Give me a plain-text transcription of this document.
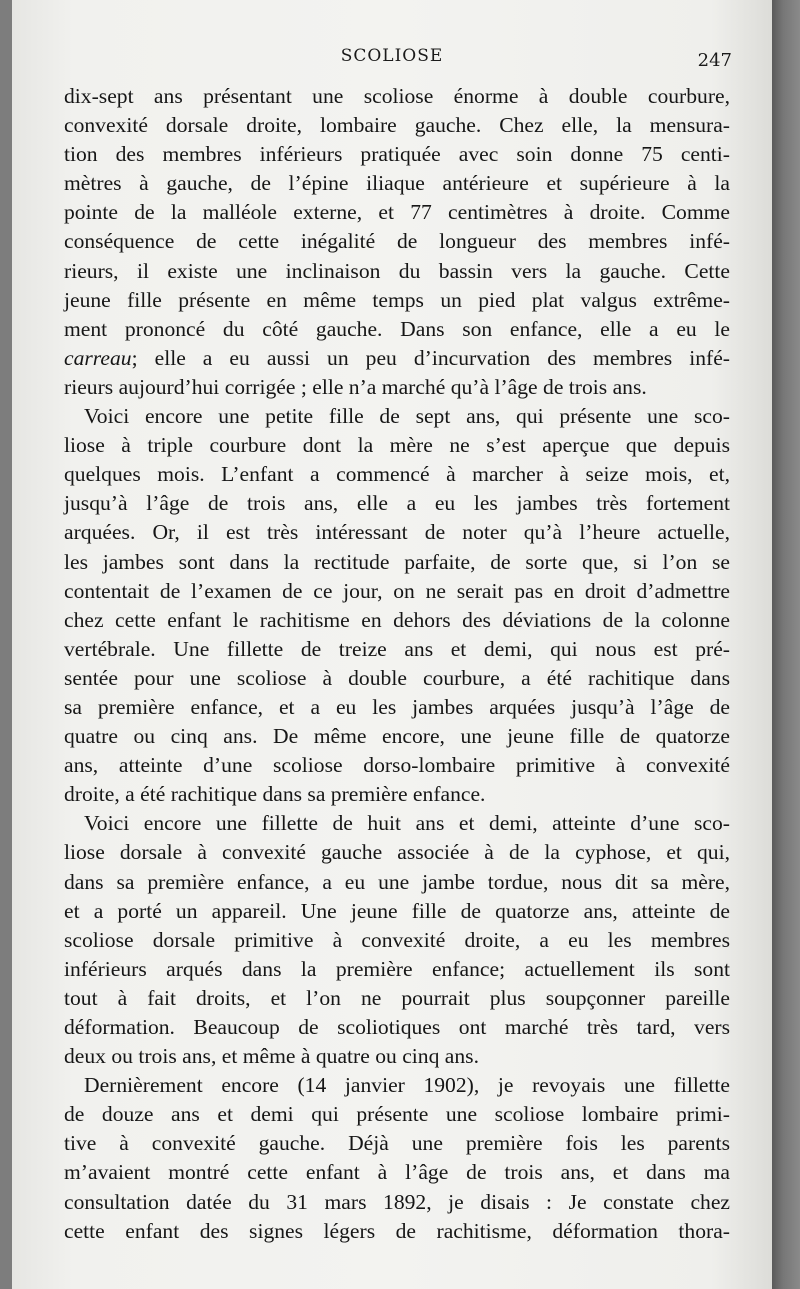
SCOLIOSE	247
dix-sept ans présentant une scoliose énorme à double courbure,
convexité dorsale droite, lombaire gauche. Chez elle, la mensura-
tion des membres inférieurs pratiquée avec soin donne 75 centi-
mètres à gauche, de l’épine iliaque antérieure et supérieure à la
pointe de la malléole externe, et 77 centimètres à droite. Comme
conséquence de cette inégalité de longueur des membres infé-
rieurs, il existe une inclinaison du bassin vers la gauche. Cette
jeune fille présente en même temps un pied plat valgus extrême-
ment prononcé du côté gauche. Dans son enfance, elle a eu le
carreau; elle a eu aussi un peu d’incurvation des membres infé-
rieurs aujourd’hui corrigée ; elle n’a marché qu’à l’âge de trois ans.
Voici encore une petite fille de sept ans, qui présente une sco-
liose à triple courbure dont la mère ne s’est aperçue que depuis
quelques mois. L’enfant a commencé à marcher à seize mois, et,
jusqu’à l’âge de trois ans, elle a eu les jambes très fortement
arquées. Or, il est très intéressant de noter qu’à l’heure actuelle,
les jambes sont dans la rectitude parfaite, de sorte que, si l’on se
contentait de l’examen de ce jour, on ne serait pas en droit d’admettre
chez cette enfant le rachitisme en dehors des déviations de la colonne
vertébrale. Une fillette de treize ans et demi, qui nous est pré-
sentée pour une scoliose à double courbure, a été rachitique dans
sa première enfance, et a eu les jambes arquées jusqu’à l’âge de
quatre ou cinq ans. De même encore, une jeune fille de quatorze
ans, atteinte d’une scoliose dorso-lombaire primitive à convexité
droite, a été rachitique dans sa première enfance.
Voici encore une fillette de huit ans et demi, atteinte d’une sco-
liose dorsale à convexité gauche associée à de la cyphose, et qui,
dans sa première enfance, a eu une jambe tordue, nous dit sa mère,
et a porté un appareil. Une jeune fille de quatorze ans, atteinte de
scoliose dorsale primitive à convexité droite, a eu les membres
inférieurs arqués dans la première enfance; actuellement ils sont
tout à fait droits, et l’on ne pourrait plus soupçonner pareille
déformation. Beaucoup de scoliotiques ont marché très tard, vers
deux ou trois ans, et même à quatre ou cinq ans.
Dernièrement encore (14 janvier 1902), je revoyais une fillette
de douze ans et demi qui présente une scoliose lombaire primi-
tive à convexité gauche. Déjà une première fois les parents
m’avaient montré cette enfant à l’âge de trois ans, et dans ma
consultation datée du 31 mars 1892, je disais : Je constate chez
cette enfant des signes légers de rachitisme, déformation thora-
